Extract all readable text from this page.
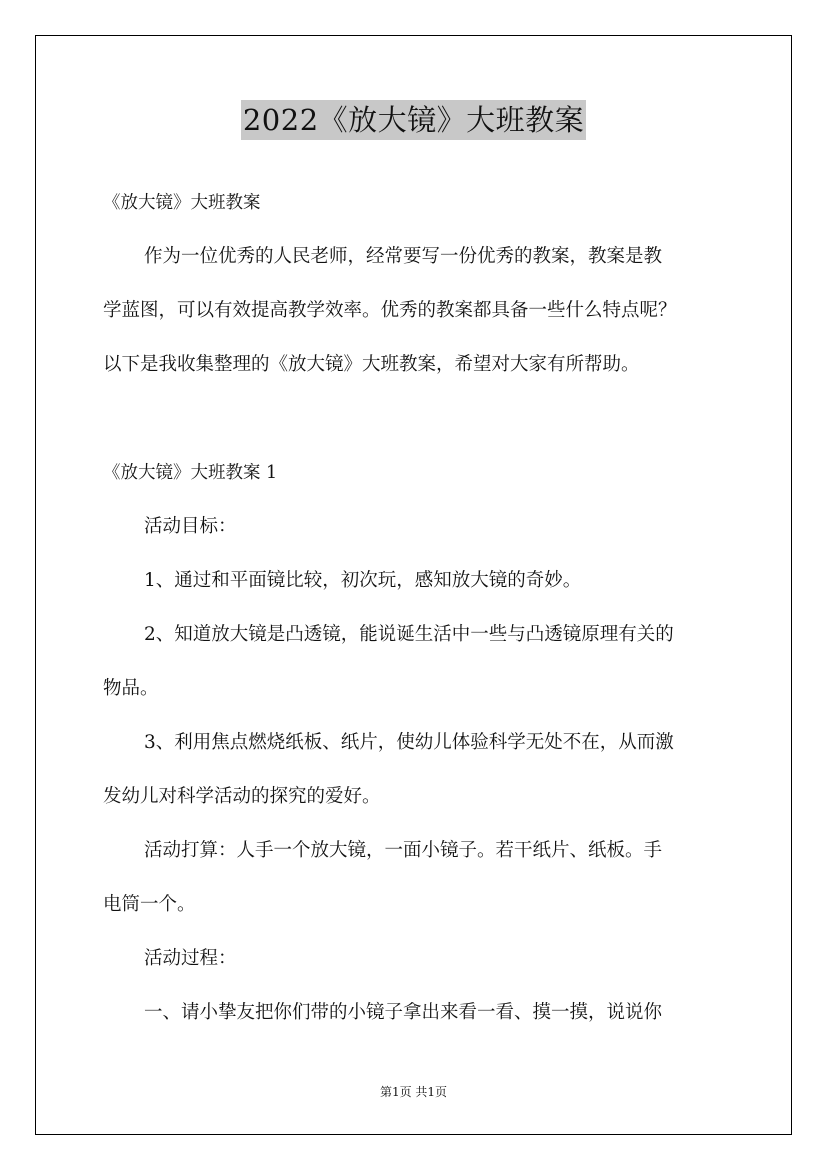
2022《放大镜》大班教案

《放大镜》大班教案

作为一位优秀的人民老师，经常要写一份优秀的教案，教案是教

学蓝图，可以有效提高教学效率。优秀的教案都具备一些什么特点呢？

以下是我收集整理的《放大镜》大班教案，希望对大家有所帮助。

《放大镜》大班教案 1

活动目标：

1、通过和平面镜比较，初次玩，感知放大镜的奇妙。

2、知道放大镜是凸透镜，能说诞生活中一些与凸透镜原理有关的

物品。

3、利用焦点燃烧纸板、纸片，使幼儿体验科学无处不在，从而激

发幼儿对科学活动的探究的爱好。

活动打算：人手一个放大镜，一面小镜子。若干纸片、纸板。手

电筒一个。

活动过程：

一、请小挚友把你们带的小镜子拿出来看一看、摸一摸，说说你

第1页 共1页
